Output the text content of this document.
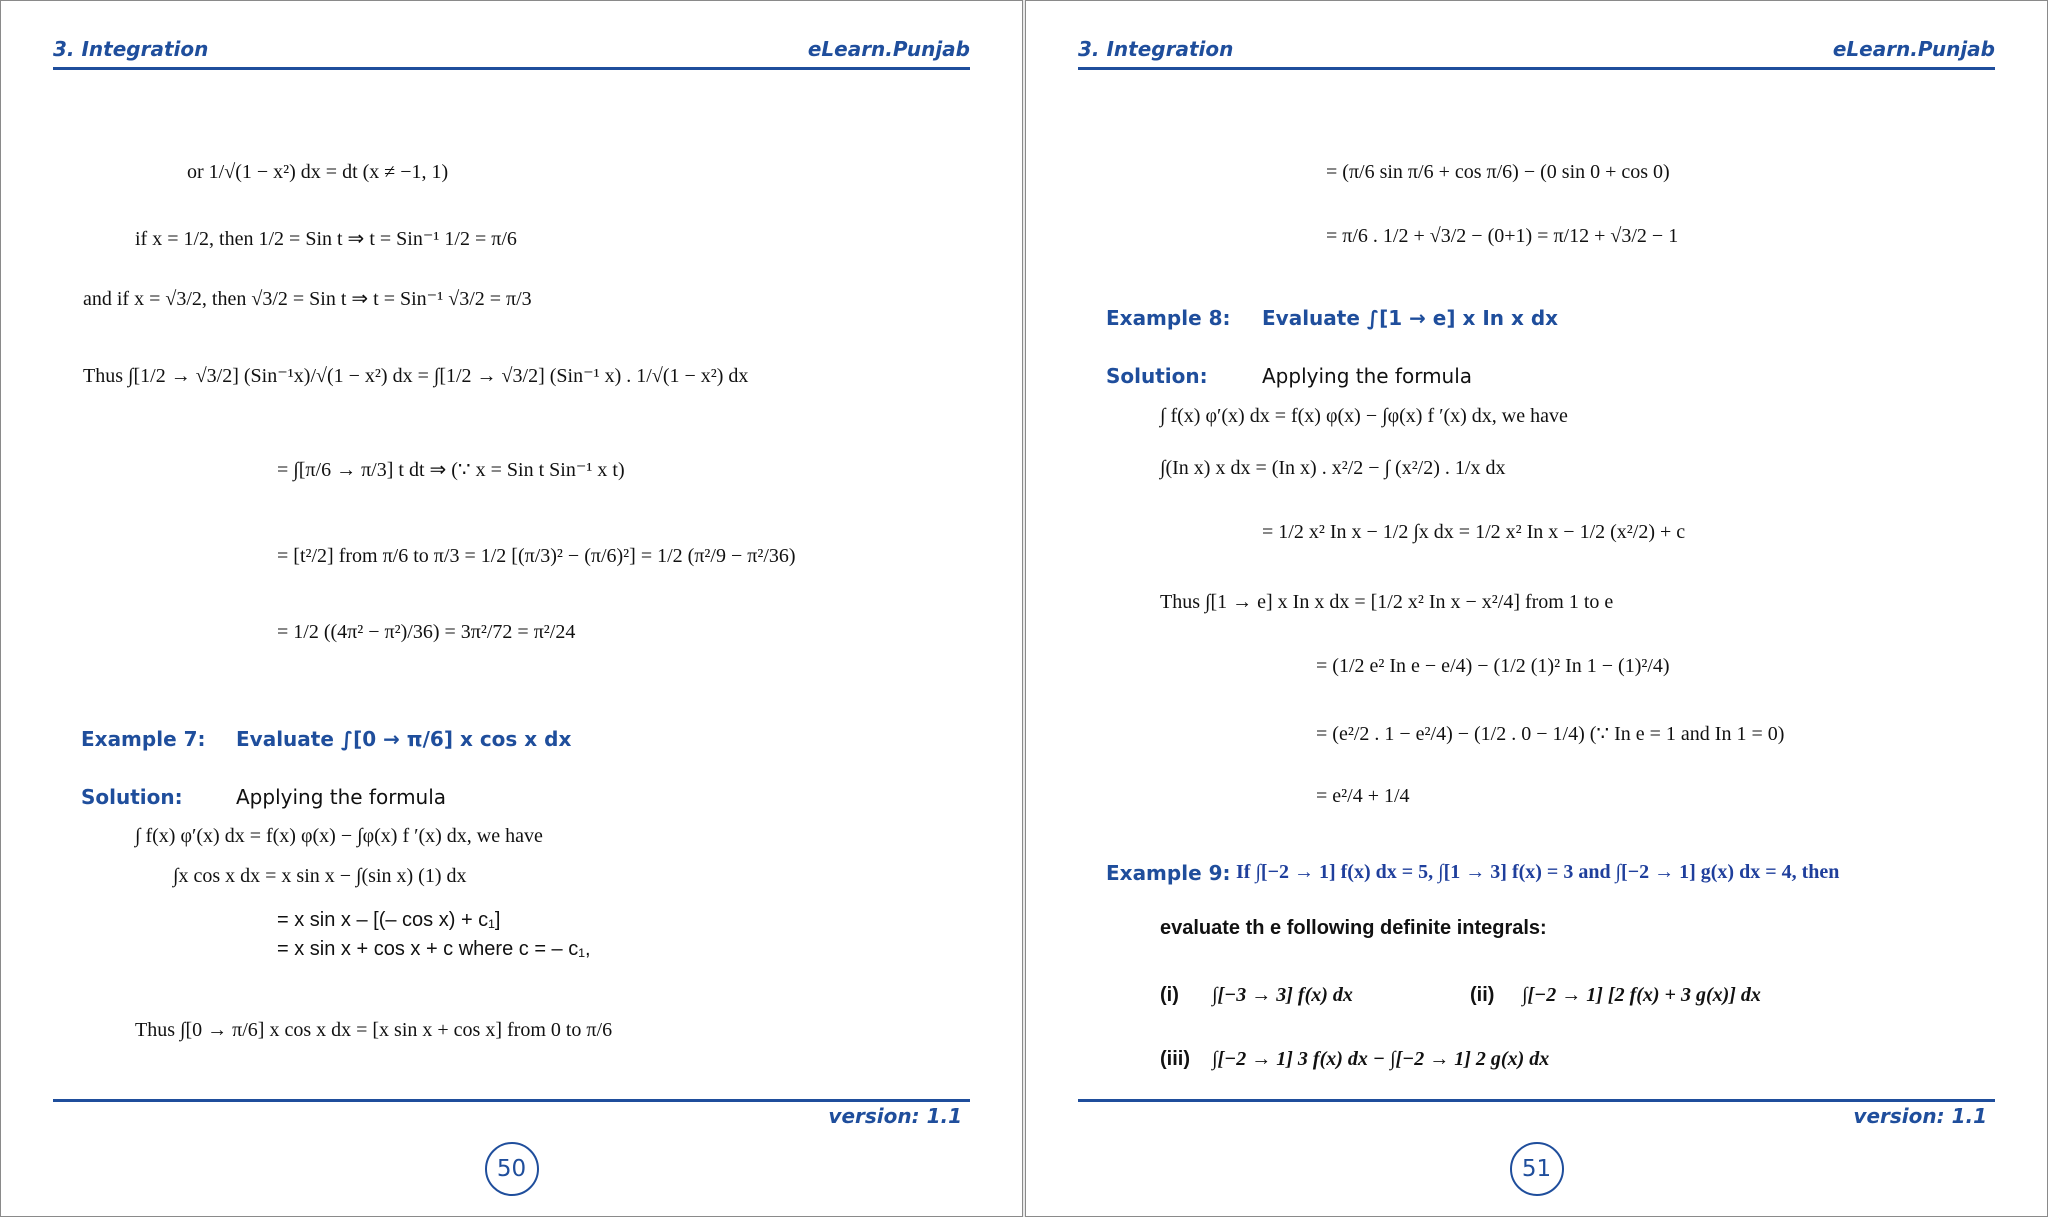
3. Integration	eLearn.Punjab
or 1/√(1 − x²) dx = dt (x ≠ −1, 1)
if x = 1/2, then 1/2 = Sin t ⇒ t = Sin⁻¹ 1/2 = π/6
and if x = √3/2, then √3/2 = Sin t ⇒ t = Sin⁻¹ √3/2 = π/3
Thus ∫[1/2 → √3/2] (Sin⁻¹x)/√(1 − x²) dx = ∫[1/2 → √3/2] (Sin⁻¹ x) . 1/√(1 − x²) dx
= ∫[π/6 → π/3] t dt ⇒ (∵ x = Sin t Sin⁻¹ x t)
= [t²/2] from π/6 to π/3 = 1/2 [(π/3)² − (π/6)²] = 1/2 (π²/9 − π²/36)
= 1/2 ((4π² − π²)/36) = 3π²/72 = π²/24
Example 7: Evaluate ∫[0 → π/6] x cos x dx
Solution:	Applying the formula
∫ f(x) φ′(x) dx = f(x) φ(x) − ∫φ(x) f ′(x) dx, we have
∫x cos x dx = x sin x − ∫(sin x) (1) dx
= x sin x – [(– cos x) + c₁]
= x sin x + cos x + c where c = – c₁,
Thus ∫[0 → π/6] x cos x dx = [x sin x + cos x] from 0 to π/6
version: 1.1
50
3. Integration	eLearn.Punjab
= (π/6 sin π/6 + cos π/6) − (0 sin 0 + cos 0)
= π/6 . 1/2 + √3/2 − (0+1) = π/12 + √3/2 − 1
Example 8: Evaluate ∫[1 → e] x In x dx
Solution:	Applying the formula
∫ f(x) φ′(x) dx = f(x) φ(x) − ∫φ(x) f ′(x) dx, we have
∫(In x) x dx = (In x) . x²/2 − ∫ (x²/2) . 1/x dx
= 1/2 x² In x − 1/2 ∫x dx = 1/2 x² In x − 1/2 (x²/2) + c
Thus ∫[1 → e] x In x dx = [1/2 x² In x − x²/4] from 1 to e
= (1/2 e² In e − e/4) − (1/2 (1)² In 1 − (1)²/4)
= (e²/2 . 1 − e²/4) − (1/2 . 0 − 1/4) (∵ In e = 1 and In 1 = 0)
= e²/4 + 1/4
Example 9: If ∫[−2 → 1] f(x) dx = 5, ∫[1 → 3] f(x) = 3 and ∫[−2 → 1] g(x) dx = 4, then
evaluate th e following definite integrals:
(i) ∫[−3 → 3] f(x) dx	(ii) ∫[−2 → 1] [2 f(x) + 3 g(x)] dx
(iii) ∫[−2 → 1] 3 f(x) dx − ∫[−2 → 1] 2 g(x) dx
version: 1.1
51
